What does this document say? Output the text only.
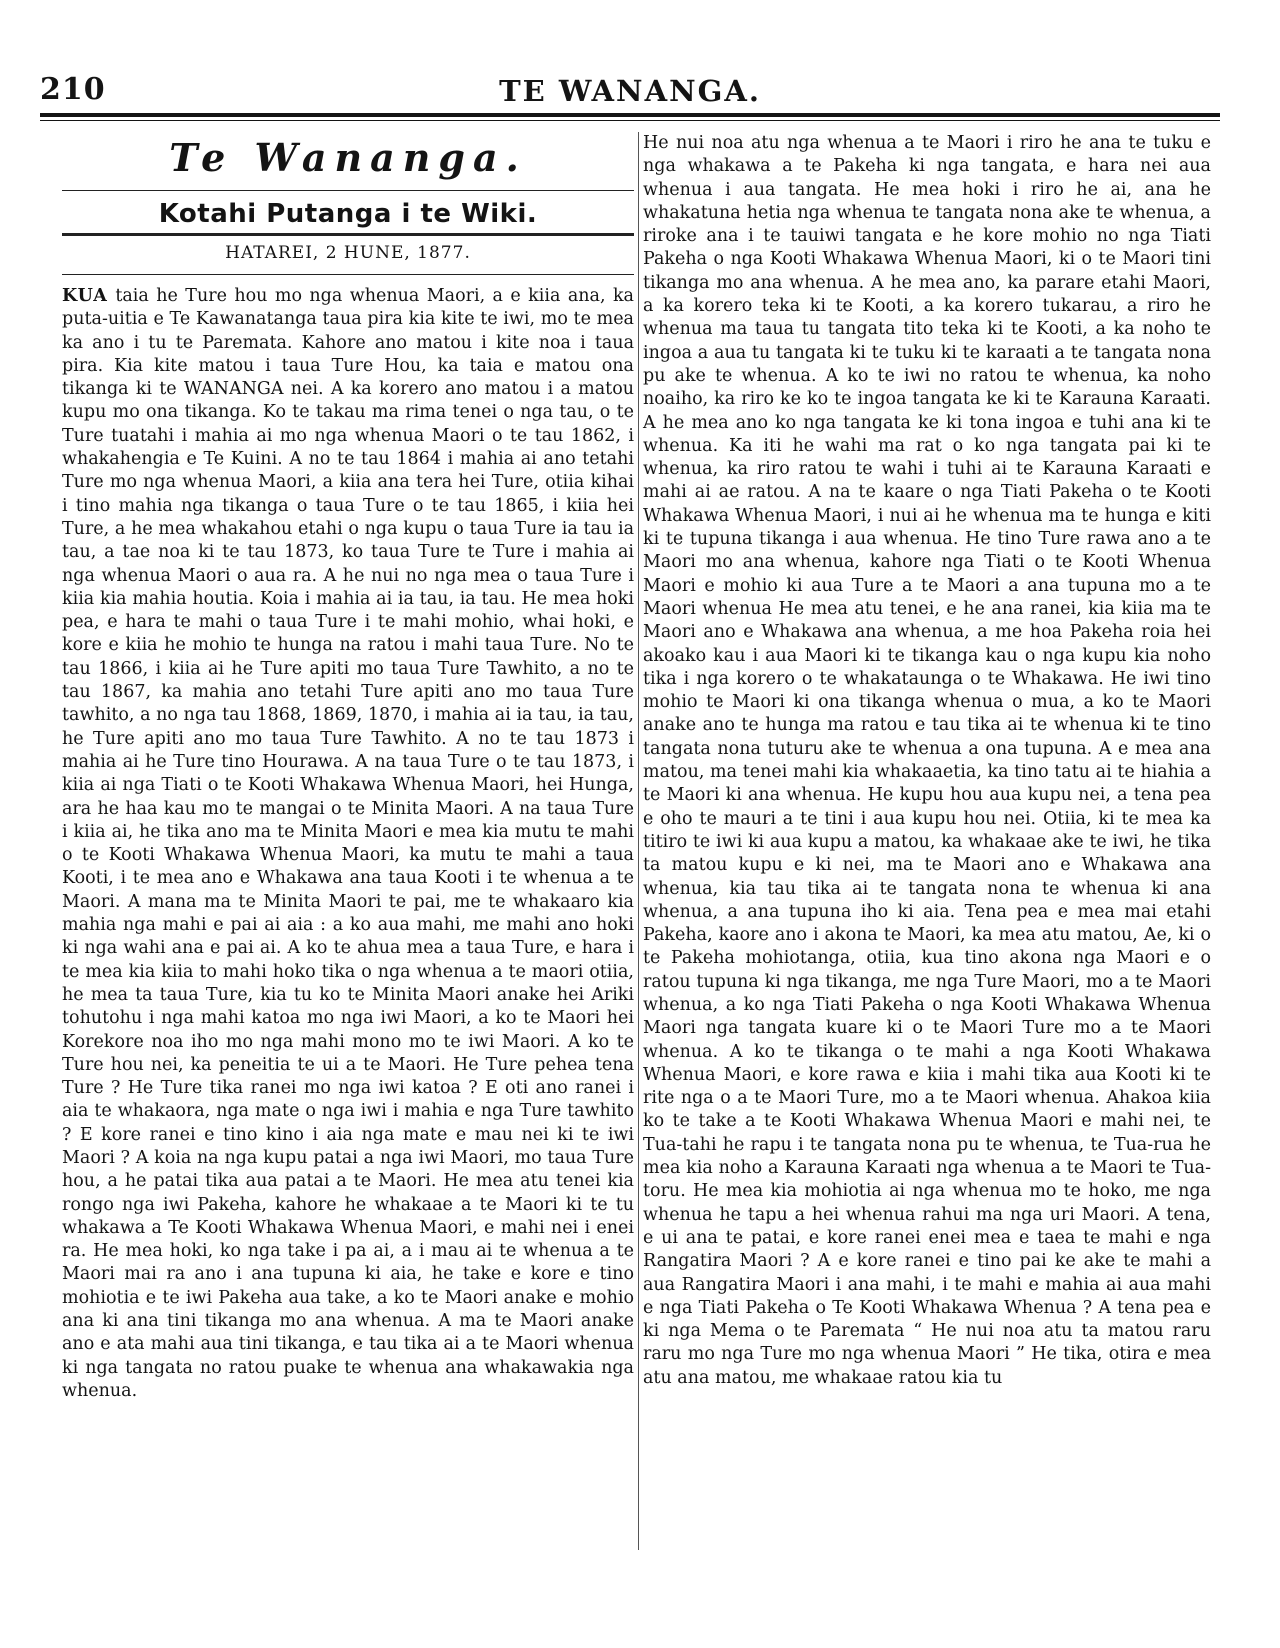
210	TE WANANGA.
Te Wananga.
Kotahi Putanga i te Wiki.
HATAREI, 2 HUNE, 1877.

KUA taia he Ture hou mo nga whenua Maori, a e kiia ana, ka puta-uitia e Te Kawanatanga taua pira kia kite te iwi, mo te mea ka ano i tu te Paremata. Kahore ano matou i kite noa i taua pira. Kia kite matou i taua Ture Hou, ka taia e matou ona tikanga ki te WANANGA nei. A ka korero ano matou i a matou kupu mo ona tikanga. Ko te takau ma rima tenei o nga tau, o te Ture tuatahi i mahia ai mo nga whenua Maori o te tau 1862, i whakahengia e Te Kuini. A no te tau 1864 i mahia ai ano tetahi Ture mo nga whenua Maori, a kiia ana tera hei Ture, otiia kihai i tino mahia nga tikanga o taua Ture o te tau 1865, i kiia hei Ture, a he mea whakahou etahi o nga kupu o taua Ture ia tau ia tau, a tae noa ki te tau 1873, ko taua Ture te Ture i mahia ai nga whenua Maori o aua ra. A he nui no nga mea o taua Ture i kiia kia mahia houtia. Koia i mahia ai ia tau, ia tau. He mea hoki pea, e hara te mahi o taua Ture i te mahi mohio, whai hoki, e kore e kiia he mohio te hunga na ratou i mahi taua Ture. No te tau 1866, i kiia ai he Ture apiti mo taua Ture Tawhito, a no te tau 1867, ka mahia ano tetahi Ture apiti ano mo taua Ture tawhito, a no nga tau 1868, 1869, 1870, i mahia ai ia tau, ia tau, he Ture apiti ano mo taua Ture Tawhito. A no te tau 1873 i mahia ai he Ture tino Hourawa. A na taua Ture o te tau 1873, i kiia ai nga Tiati o te Kooti Whakawa Whenua Maori, hei Hunga, ara he haa kau mo te mangai o te Minita Maori. A na taua Ture i kiia ai, he tika ano ma te Minita Maori e mea kia mutu te mahi o te Kooti Whakawa Whenua Maori, ka mutu te mahi a taua Kooti, i te mea ano e Whakawa ana taua Kooti i te whenua a te Maori. A mana ma te Minita Maori te pai, me te whakaaro kia mahia nga mahi e pai ai aia : a ko aua mahi, me mahi ano hoki ki nga wahi ana e pai ai. A ko te ahua mea a taua Ture, e hara i te mea kia kiia to mahi hoko tika o nga whenua a te maori otiia, he mea ta taua Ture, kia tu ko te Minita Maori anake hei Ariki tohutohu i nga mahi katoa mo nga iwi Maori, a ko te Maori hei Korekore noa iho mo nga mahi mono mo te iwi Maori. A ko te Ture hou nei, ka peneitia te ui a te Maori. He Ture pehea tena Ture ? He Ture tika ranei mo nga iwi katoa ? E oti ano ranei i aia te whakaora, nga mate o nga iwi i mahia e nga Ture tawhito ? E kore ranei e tino kino i aia nga mate e mau nei ki te iwi Maori ? A koia na nga kupu patai a nga iwi Maori, mo taua Ture hou, a he patai tika aua patai a te Maori. He mea atu tenei kia rongo nga iwi Pakeha, kahore he whakaae a te Maori ki te tu whakawa a Te Kooti Whakawa Whenua Maori, e mahi nei i enei ra. He mea hoki, ko nga take i pa ai, a i mau ai te whenua a te Maori mai ra ano i ana tupuna ki aia, he take e kore e tino mohiotia e te iwi Pakeha aua take, a ko te Maori anake e mohio ana ki ana tini tikanga mo ana whenua. A ma te Maori anake ano e ata mahi aua tini tikanga, e tau tika ai a te Maori whenua ki nga tangata no ratou puake te whenua ana whakawakia nga whenua.

He nui noa atu nga whenua a te Maori i riro he ana te tuku e nga whakawa a te Pakeha ki nga tangata, e hara nei aua whenua i aua tangata. He mea hoki i riro he ai, ana he whakatuna hetia nga whenua te tangata nona ake te whenua, a riroke ana i te tauiwi tangata e he kore mohio no nga Tiati Pakeha o nga Kooti Whakawa Whenua Maori, ki o te Maori tini tikanga mo ana whenua. A he mea ano, ka parare etahi Maori, a ka korero teka ki te Kooti, a ka korero tukarau, a riro he whenua ma taua tu tangata tito teka ki te Kooti, a ka noho te ingoa a aua tu tangata ki te tuku ki te karaati a te tangata nona pu ake te whenua. A ko te iwi no ratou te whenua, ka noho noaiho, ka riro ke ko te ingoa tangata ke ki te Karauna Karaati. A he mea ano ko nga tangata ke ki tona ingoa e tuhi ana ki te whenua. Ka iti he wahi ma rat o ko nga tangata pai ki te whenua, ka riro ratou te wahi i tuhi ai te Karauna Karaati e mahi ai ae ratou. A na te kaare o nga Tiati Pakeha o te Kooti Whakawa Whenua Maori, i nui ai he whenua ma te hunga e kiti ki te tupuna tikanga i aua whenua. He tino Ture rawa ano a te Maori mo ana whenua, kahore nga Tiati o te Kooti Whenua Maori e mohio ki aua Ture a te Maori a ana tupuna mo a te Maori whenua He mea atu tenei, e he ana ranei, kia kiia ma te Maori ano e Whakawa ana whenua, a me hoa Pakeha roia hei akoako kau i aua Maori ki te tikanga kau o nga kupu kia noho tika i nga korero o te whakataunga o te Whakawa. He iwi tino mohio te Maori ki ona tikanga whenua o mua, a ko te Maori anake ano te hunga ma ratou e tau tika ai te whenua ki te tino tangata nona tuturu ake te whenua a ona tupuna. A e mea ana matou, ma tenei mahi kia whakaaetia, ka tino tatu ai te hiahia a te Maori ki ana whenua. He kupu hou aua kupu nei, a tena pea e oho te mauri a te tini i aua kupu hou nei. Otiia, ki te mea ka titiro te iwi ki aua kupu a matou, ka whakaae ake te iwi, he tika ta matou kupu e ki nei, ma te Maori ano e Whakawa ana whenua, kia tau tika ai te tangata nona te whenua ki ana whenua, a ana tupuna iho ki aia. Tena pea e mea mai etahi Pakeha, kaore ano i akona te Maori, ka mea atu matou, Ae, ki o te Pakeha mohiotanga, otiia, kua tino akona nga Maori e o ratou tupuna ki nga tikanga, me nga Ture Maori, mo a te Maori whenua, a ko nga Tiati Pakeha o nga Kooti Whakawa Whenua Maori nga tangata kuare ki o te Maori Ture mo a te Maori whenua. A ko te tikanga o te mahi a nga Kooti Whakawa Whenua Maori, e kore rawa e kiia i mahi tika aua Kooti ki te rite nga o a te Maori Ture, mo a te Maori whenua. Ahakoa kiia ko te take a te Kooti Whakawa Whenua Maori e mahi nei, te Tua-tahi he rapu i te tangata nona pu te whenua, te Tua-rua he mea kia noho a Karauna Karaati nga whenua a te Maori te Tua-toru. He mea kia mohiotia ai nga whenua mo te hoko, me nga whenua he tapu a hei whenua rahui ma nga uri Maori. A tena, e ui ana te patai, e kore ranei enei mea e taea te mahi e nga Rangatira Maori ? A e kore ranei e tino pai ke ake te mahi a aua Rangatira Maori i ana mahi, i te mahi e mahia ai aua mahi e nga Tiati Pakeha o Te Kooti Whakawa Whenua ? A tena pea e ki nga Mema o te Paremata “ He nui noa atu ta matou raru raru mo nga Ture mo nga whenua Maori ” He tika, otira e mea atu ana matou, me whakaae ratou kia tu
